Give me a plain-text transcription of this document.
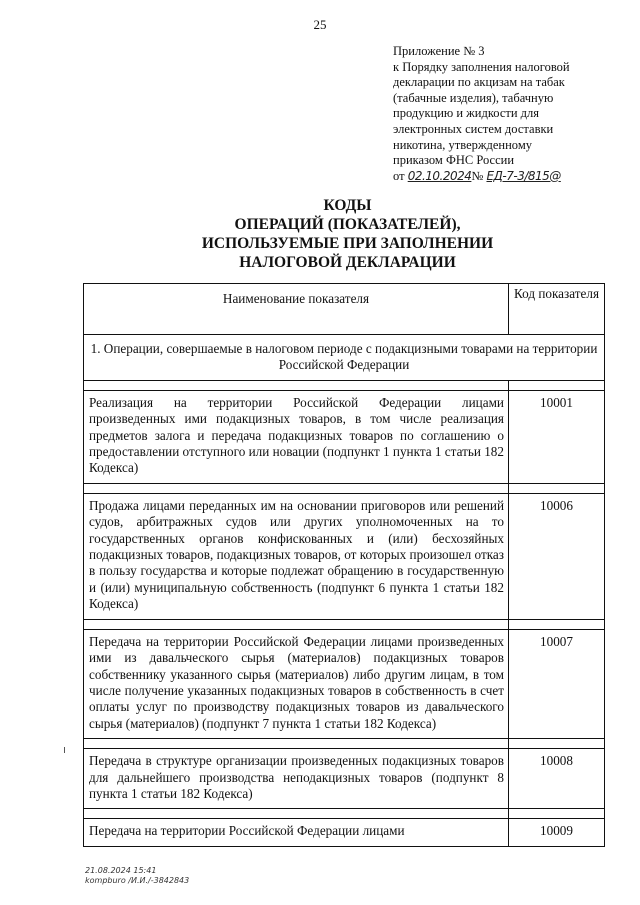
25
Приложение № 3
к Порядку заполнения налоговой
декларации по акцизам на табак
(табачные изделия), табачную
продукцию и жидкости для
электронных систем доставки
никотина, утвержденному
приказом ФНС России
от 02.10.2024№ ЕД-7-3/815@
КОДЫ
ОПЕРАЦИЙ (ПОКАЗАТЕЛЕЙ),
ИСПОЛЬЗУЕМЫЕ ПРИ ЗАПОЛНЕНИИ
НАЛОГОВОЙ ДЕКЛАРАЦИИ
Наименование показателя	Код показателя
1. Операции, совершаемые в налоговом периоде с подакцизными товарами на территории Российской Федерации	

Реализация на территории Российской Федерации лицами произведенных ими подакцизных товаров, в том числе реализация предметов залога и передача подакцизных товаров по соглашению о предоставлении отступного или новации (подпункт 1 пункта 1 статьи 182 Кодекса)	10001

Продажа лицами переданных им на основании приговоров или решений судов, арбитражных судов или других уполномоченных на то государственных органов конфискованных и (или) бесхозяйных подакцизных товаров, подакцизных товаров, от которых произошел отказ в пользу государства и которые подлежат обращению в государственную и (или) муниципальную собственность (подпункт 6 пункта 1 статьи 182 Кодекса)	10006

Передача на территории Российской Федерации лицами произведенных ими из давальческого сырья (материалов) подакцизных товаров собственнику указанного сырья (материалов) либо другим лицам, в том числе получение указанных подакцизных товаров в собственность в счет оплаты услуг по производству подакцизных товаров из давальческого сырья (материалов) (подпункт 7 пункта 1 статьи 182 Кодекса)	10007

Передача в структуре организации произведенных подакцизных товаров для дальнейшего производства неподакцизных товаров (подпункт 8 пункта 1 статьи 182 Кодекса)	10008

Передача на территории Российской Федерации лицами	10009
21.08.2024 15:41
kompburo /И.И./-3842843
